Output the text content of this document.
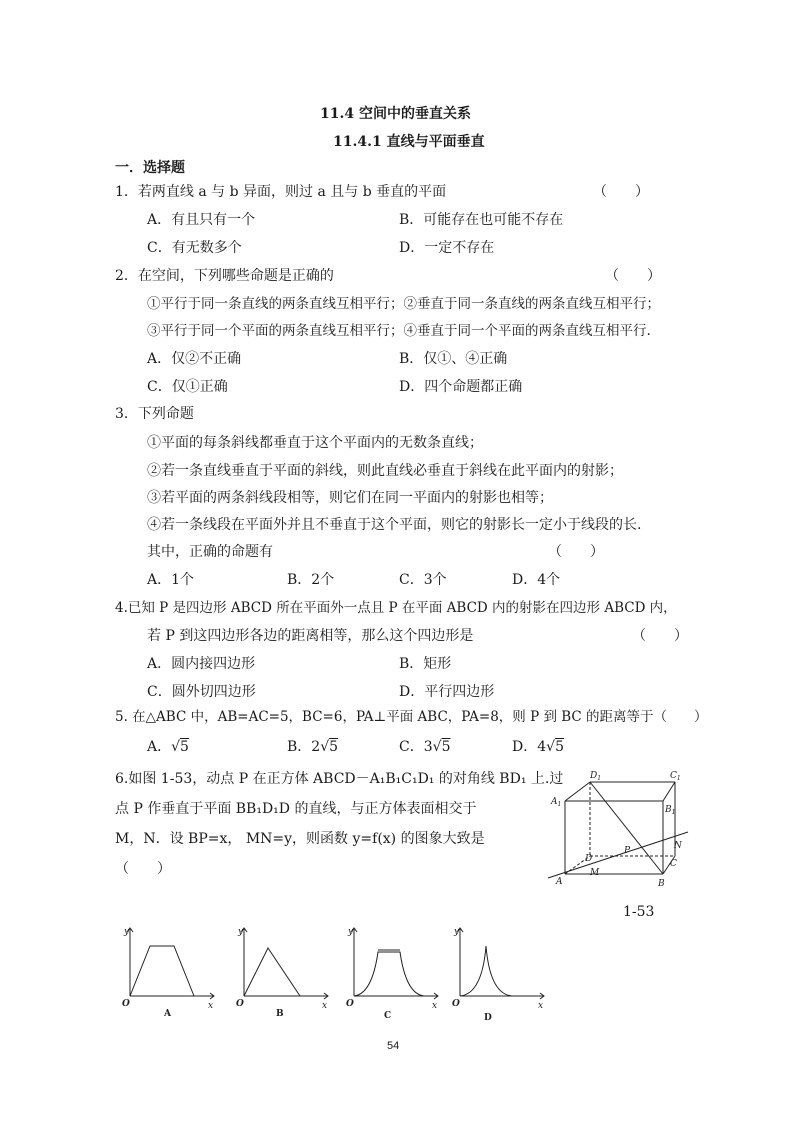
11.4 空间中的垂直关系
11.4.1 直线与平面垂直
一．选择题
1．若两直线 a 与 b 异面，则过 a 且与 b 垂直的平面	（　　）
A．有且只有一个	B．可能存在也可能不存在
C．有无数多个	D．一定不存在
2．在空间，下列哪些命题是正确的	（　　）
①平行于同一条直线的两条直线互相平行；②垂直于同一条直线的两条直线互相平行；
③平行于同一个平面的两条直线互相平行；④垂直于同一个平面的两条直线互相平行.
A．仅②不正确	B．仅①、④正确
C．仅①正确	D．四个命题都正确
3．下列命题
①平面的每条斜线都垂直于这个平面内的无数条直线；
②若一条直线垂直于平面的斜线，则此直线必垂直于斜线在此平面内的射影；
③若平面的两条斜线段相等，则它们在同一平面内的射影也相等；
④若一条线段在平面外并且不垂直于这个平面，则它的射影长一定小于线段的长.
其中，正确的命题有	（　　）
A．1个	B．2个	C．3个	D．4个
4.已知 P 是四边形 ABCD 所在平面外一点且 P 在平面 ABCD 内的射影在四边形 ABCD 内，
若 P 到这四边形各边的距离相等，那么这个四边形是	（　　）
A．圆内接四边形	B．矩形
C．圆外切四边形	D．平行四边形
5. 在△ABC 中，AB=AC=5，BC=6，PA⊥平面 ABC，PA=8，则 P 到 BC 的距离等于（　　）
A．√5	B．2√5	C．3√5	D．4√5
6.如图 1-53，动点 P 在正方体 ABCD－A₁B₁C₁D₁ 的对角线 BD₁ 上.过
点 P 作垂直于平面 BB₁D₁D 的直线，与正方体表面相交于
M，N．设 BP=x， MN=y，则函数 y=f(x) 的图象大致是
（　　）
$D_1$	$C_1$
$A_1$
$B_1$
P	N
C
D
M
A	B
1-53
y
x
O
A
y
x
O
B
y
x
O
C
y
x
O
D
54
